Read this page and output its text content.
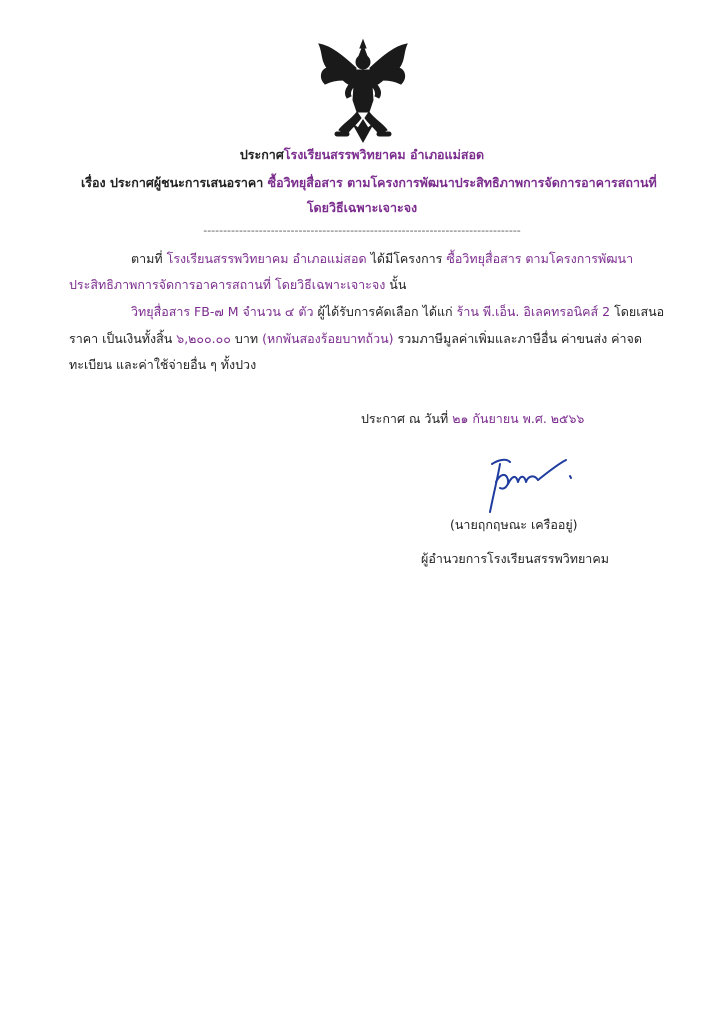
ประกาศโรงเรียนสรรพวิทยาคม อำเภอแม่สอด
เรื่อง ประกาศผู้ชนะการเสนอราคา ซื้อวิทยุสื่อสาร ตามโครงการพัฒนาประสิทธิภาพการจัดการอาคารสถานที่
โดยวิธีเฉพาะเจาะจง
--------------------------------------------------------------------------------
ตามที่ โรงเรียนสรรพวิทยาคม อำเภอแม่สอด ได้มีโครงการ ซื้อวิทยุสื่อสาร ตามโครงการพัฒนา
ประสิทธิภาพการจัดการอาคารสถานที่ โดยวิธีเฉพาะเจาะจง นั้น
วิทยุสื่อสาร FB-๗ M จำนวน ๔ ตัว ผู้ได้รับการคัดเลือก ได้แก่ ร้าน พี.เอ็น. อิเลคทรอนิคส์ 2 โดยเสนอ
ราคา เป็นเงินทั้งสิ้น ๖,๒๐๐.๐๐ บาท (หกพันสองร้อยบาทถ้วน) รวมภาษีมูลค่าเพิ่มและภาษีอื่น ค่าขนส่ง ค่าจด
ทะเบียน และค่าใช้จ่ายอื่น ๆ ทั้งปวง
ประกาศ ณ วันที่ ๒๑ กันยายน พ.ศ. ๒๕๖๖
(นายฤกฤษณะ เครืออยู่)
ผู้อำนวยการโรงเรียนสรรพวิทยาคม
